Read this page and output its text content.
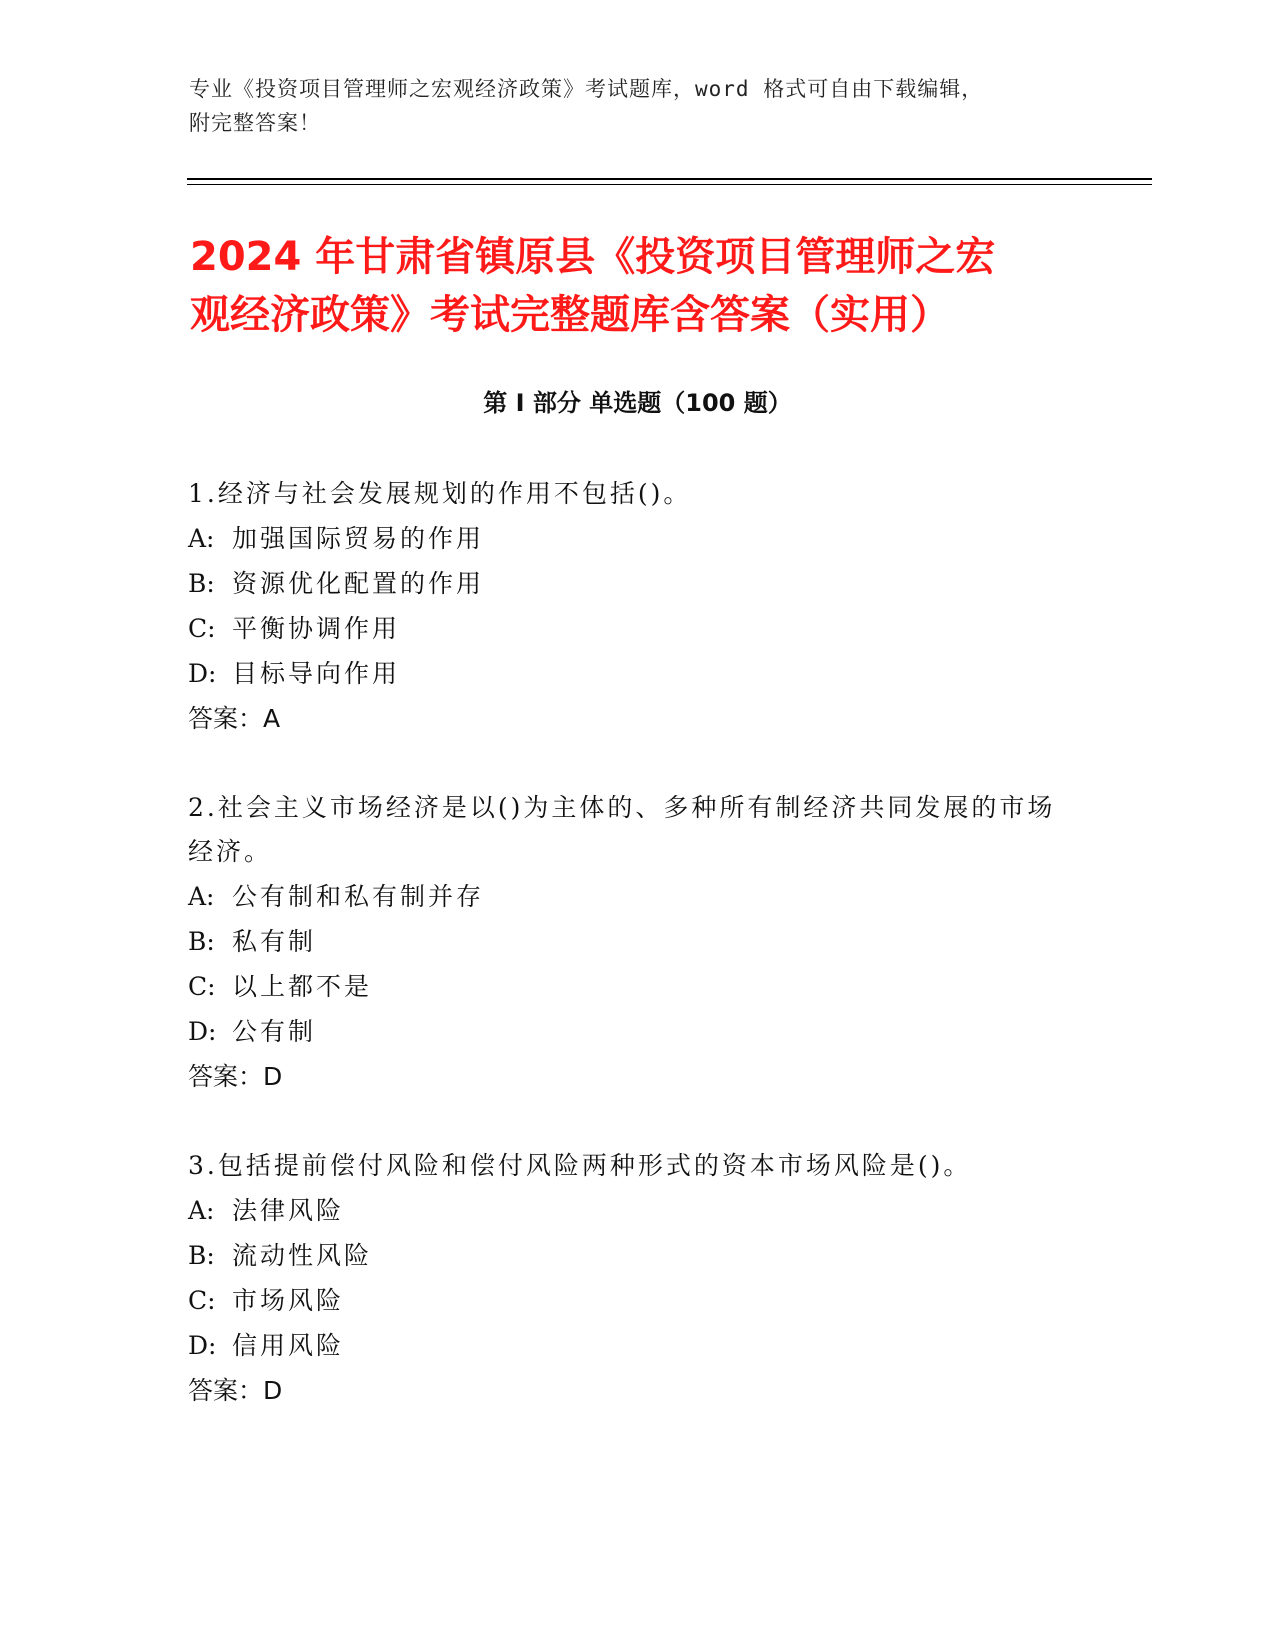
专业《投资项目管理师之宏观经济政策》考试题库，word 格式可自由下载编辑，
附完整答案！
2024 年甘肃省镇原县《投资项目管理师之宏
观经济政策》考试完整题库含答案（实用）
第 I 部分 单选题（100 题）

1.经济与社会发展规划的作用不包括()。

A: 加强国际贸易的作用

B: 资源优化配置的作用

C: 平衡协调作用

D: 目标导向作用

答案：A

2.社会主义市场经济是以()为主体的、多种所有制经济共同发展的市场经济。

A: 公有制和私有制并存

B: 私有制

C: 以上都不是

D: 公有制

答案：D

3.包括提前偿付风险和偿付风险两种形式的资本市场风险是()。

A: 法律风险

B: 流动性风险

C: 市场风险

D: 信用风险

答案：D
